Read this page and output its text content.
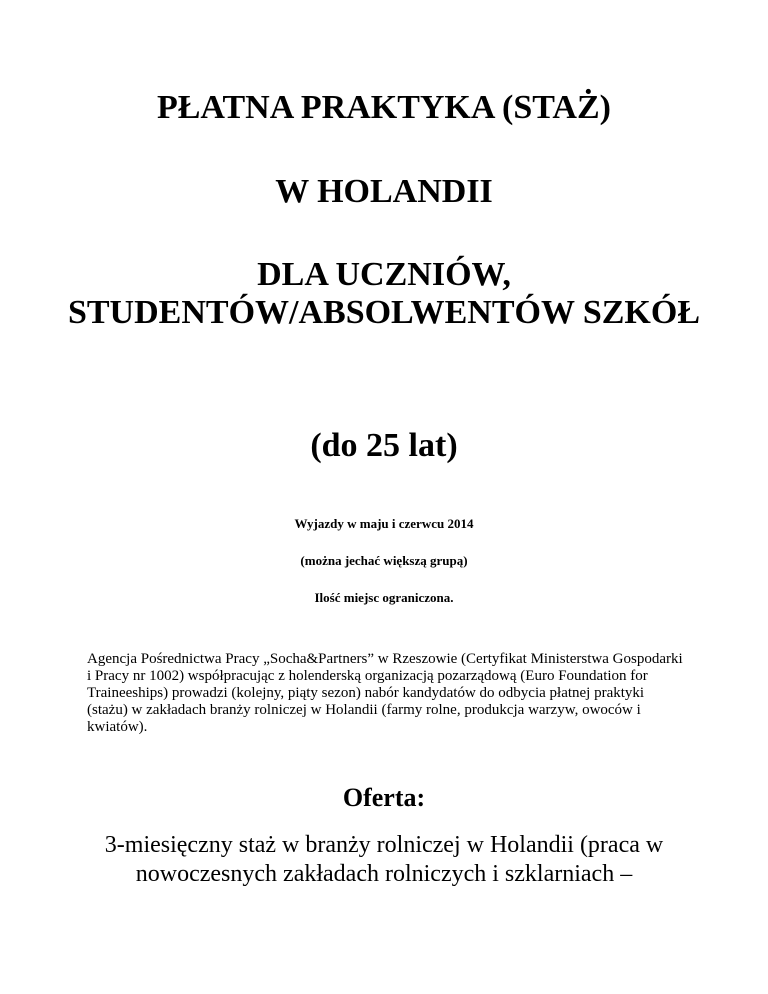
PŁATNA PRAKTYKA (STAŻ)
W HOLANDII
DLA UCZNIÓW, STUDENTÓW/ABSOLWENTÓW SZKÓŁ
(do 25 lat)

Wyjazdy w maju i czerwcu 2014

(można jechać większą grupą)

Ilość miejsc ograniczona.

Agencja Pośrednictwa Pracy „Socha&Partners” w Rzeszowie (Certyfikat Ministerstwa Gospodarki i Pracy nr 1002) współpracując z holenderską organizacją pozarządową (Euro Foundation for Traineeships) prowadzi (kolejny, piąty sezon) nabór kandydatów do odbycia płatnej praktyki (stażu) w zakładach branży rolniczej w Holandii (farmy rolne, produkcja warzyw, owoców i kwiatów).

Oferta:

3-miesięczny staż w branży rolniczej w Holandii (praca w nowoczesnych zakładach rolniczych i szklarniach –
